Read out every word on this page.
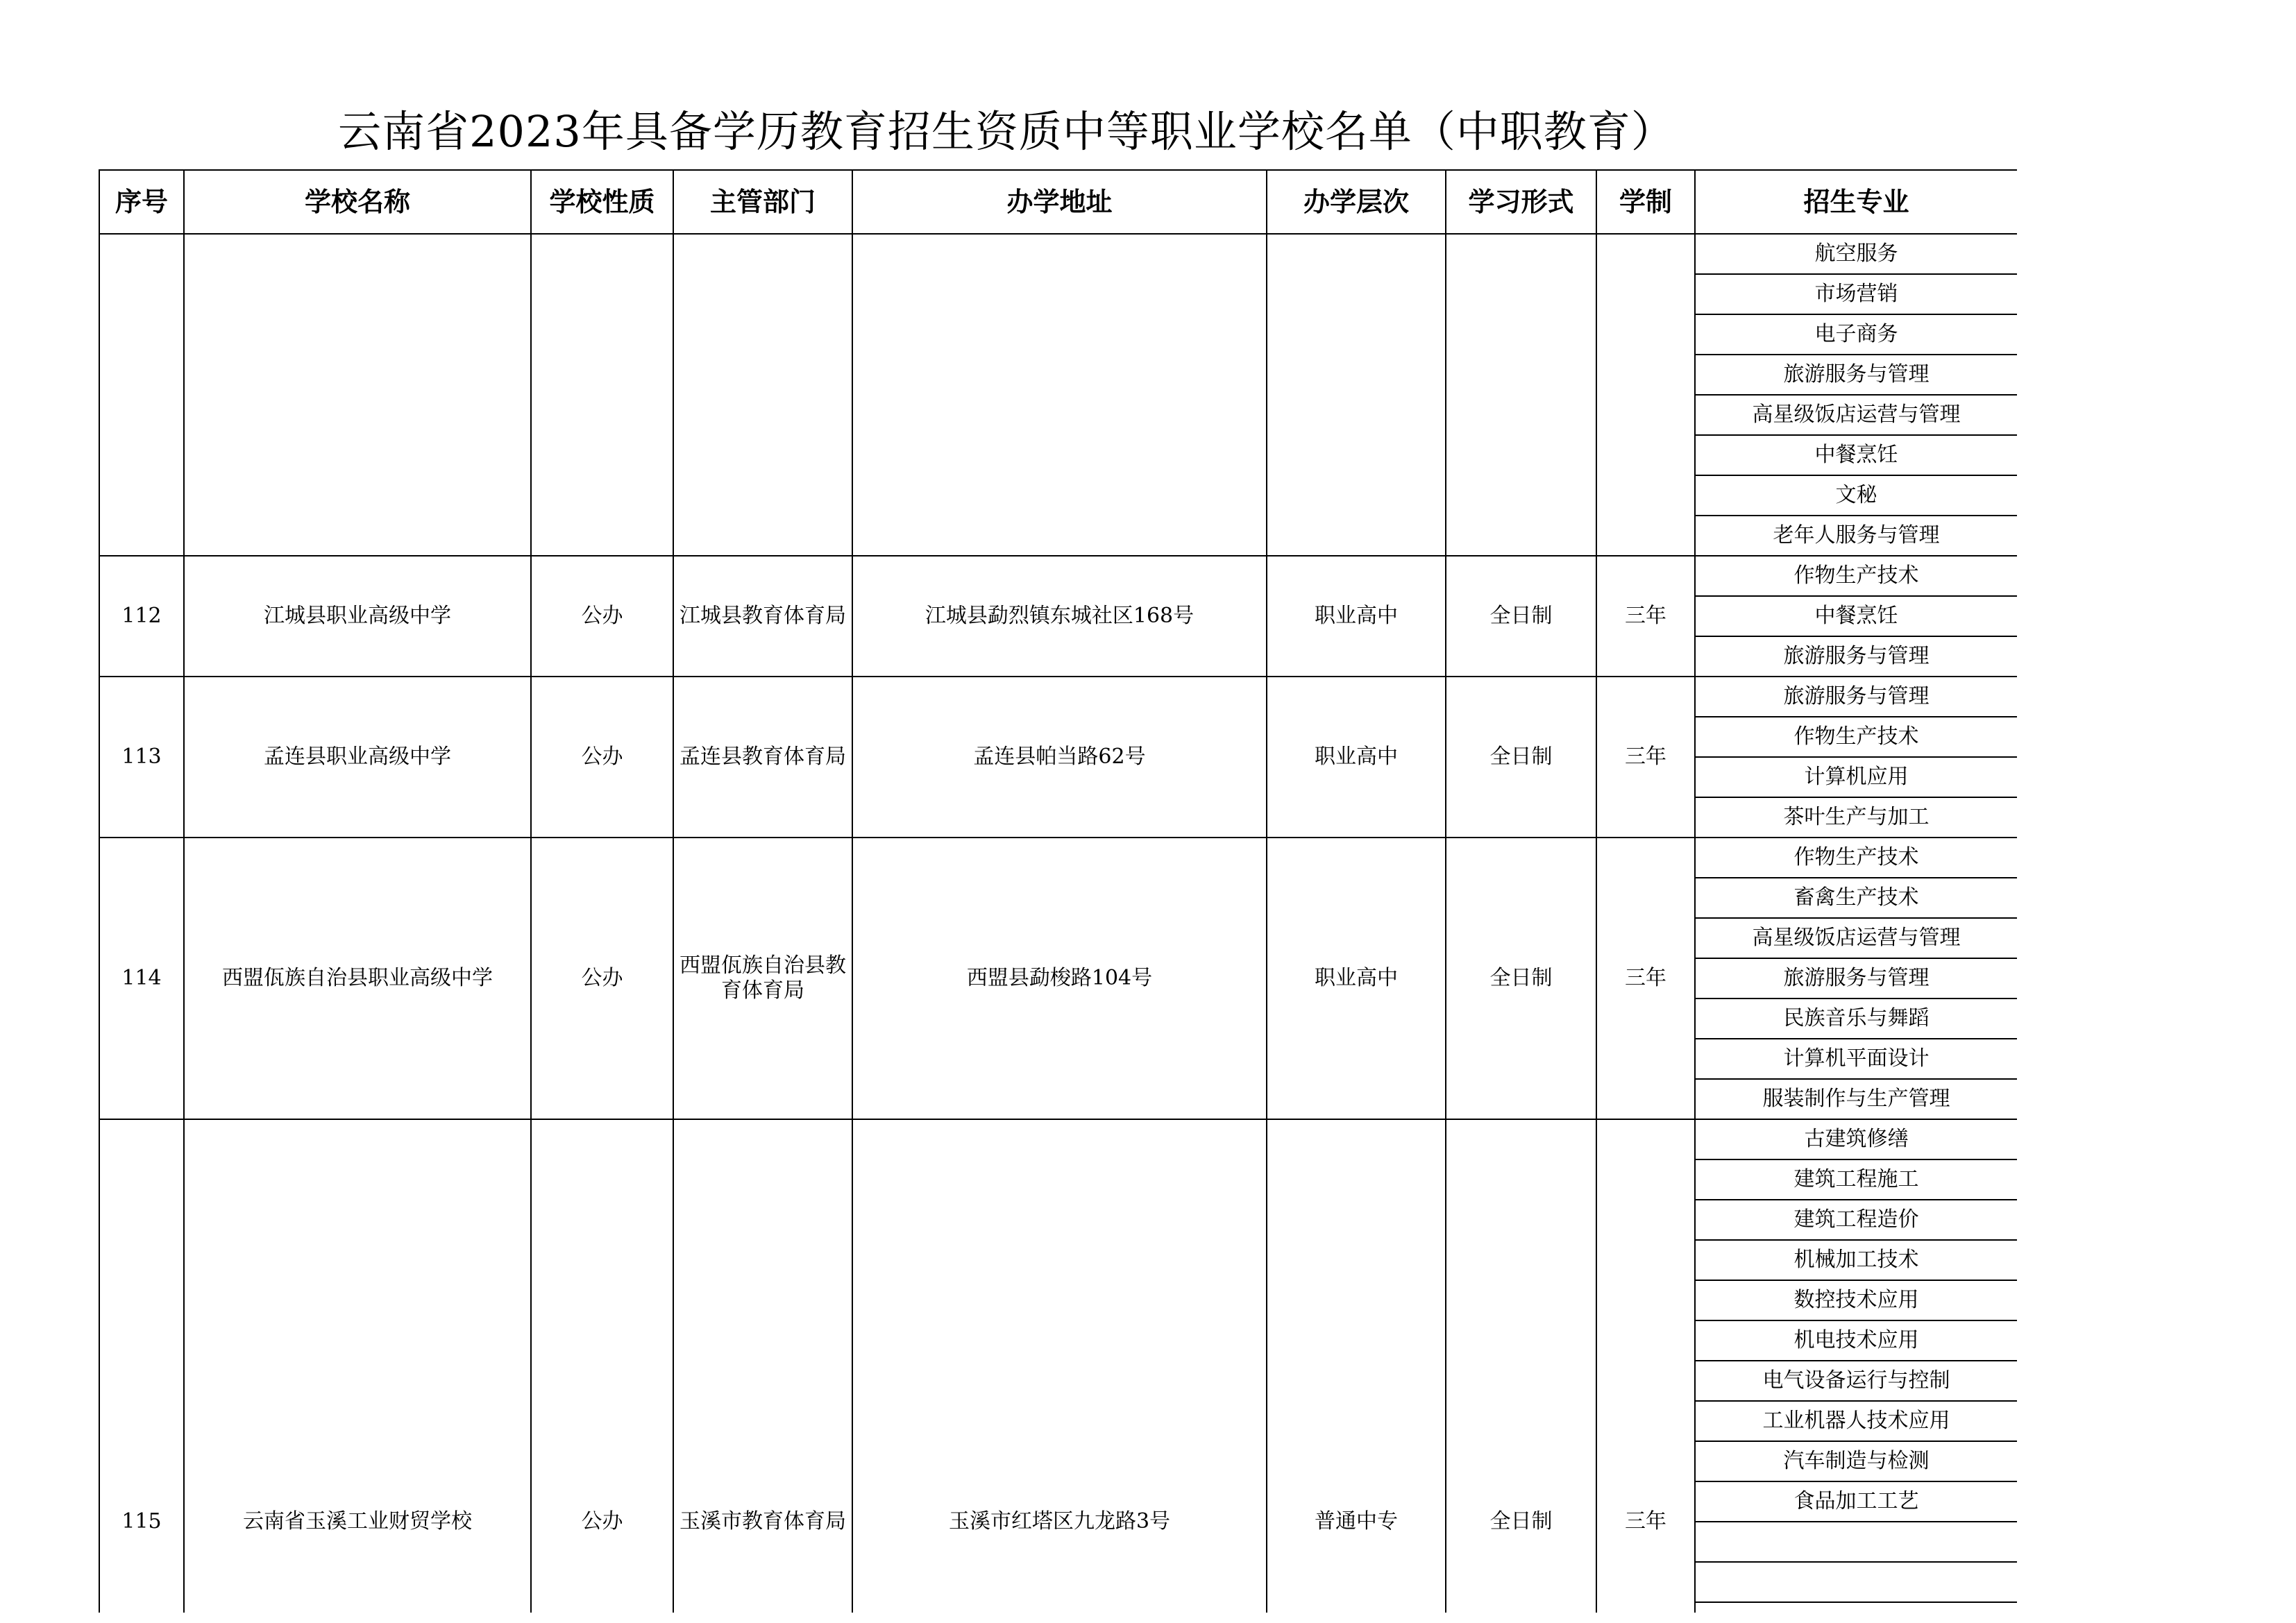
云南省2023年具备学历教育招生资质中等职业学校名单（中职教育）
序号	学校名称	学校性质	主管部门	办学地址	办学层次	学习形式	学制	招生专业

								航空服务

								市场营销

								电子商务

								旅游服务与管理

								高星级饭店运营与管理

								中餐烹饪

								文秘

								老年人服务与管理

112	江城县职业高级中学	公办	江城县教育体育局	江城县勐烈镇东城社区168号	职业高中	全日制	三年	作物生产技术

								中餐烹饪

								旅游服务与管理

113	孟连县职业高级中学	公办	孟连县教育体育局	孟连县帕当路62号	职业高中	全日制	三年	旅游服务与管理

								作物生产技术

								计算机应用

								茶叶生产与加工

114	西盟佤族自治县职业高级中学	公办	西盟佤族自治县教育体育局	西盟县勐梭路104号	职业高中	全日制	三年	作物生产技术

								畜禽生产技术

								高星级饭店运营与管理

								旅游服务与管理

								民族音乐与舞蹈

								计算机平面设计

								服装制作与生产管理

115	云南省玉溪工业财贸学校	公办	玉溪市教育体育局	玉溪市红塔区九龙路3号	普通中专	全日制	三年	古建筑修缮

								建筑工程施工

								建筑工程造价

								机械加工技术

								数控技术应用

								机电技术应用

								电气设备运行与控制

								工业机器人技术应用

								汽车制造与检测

								食品加工工艺
